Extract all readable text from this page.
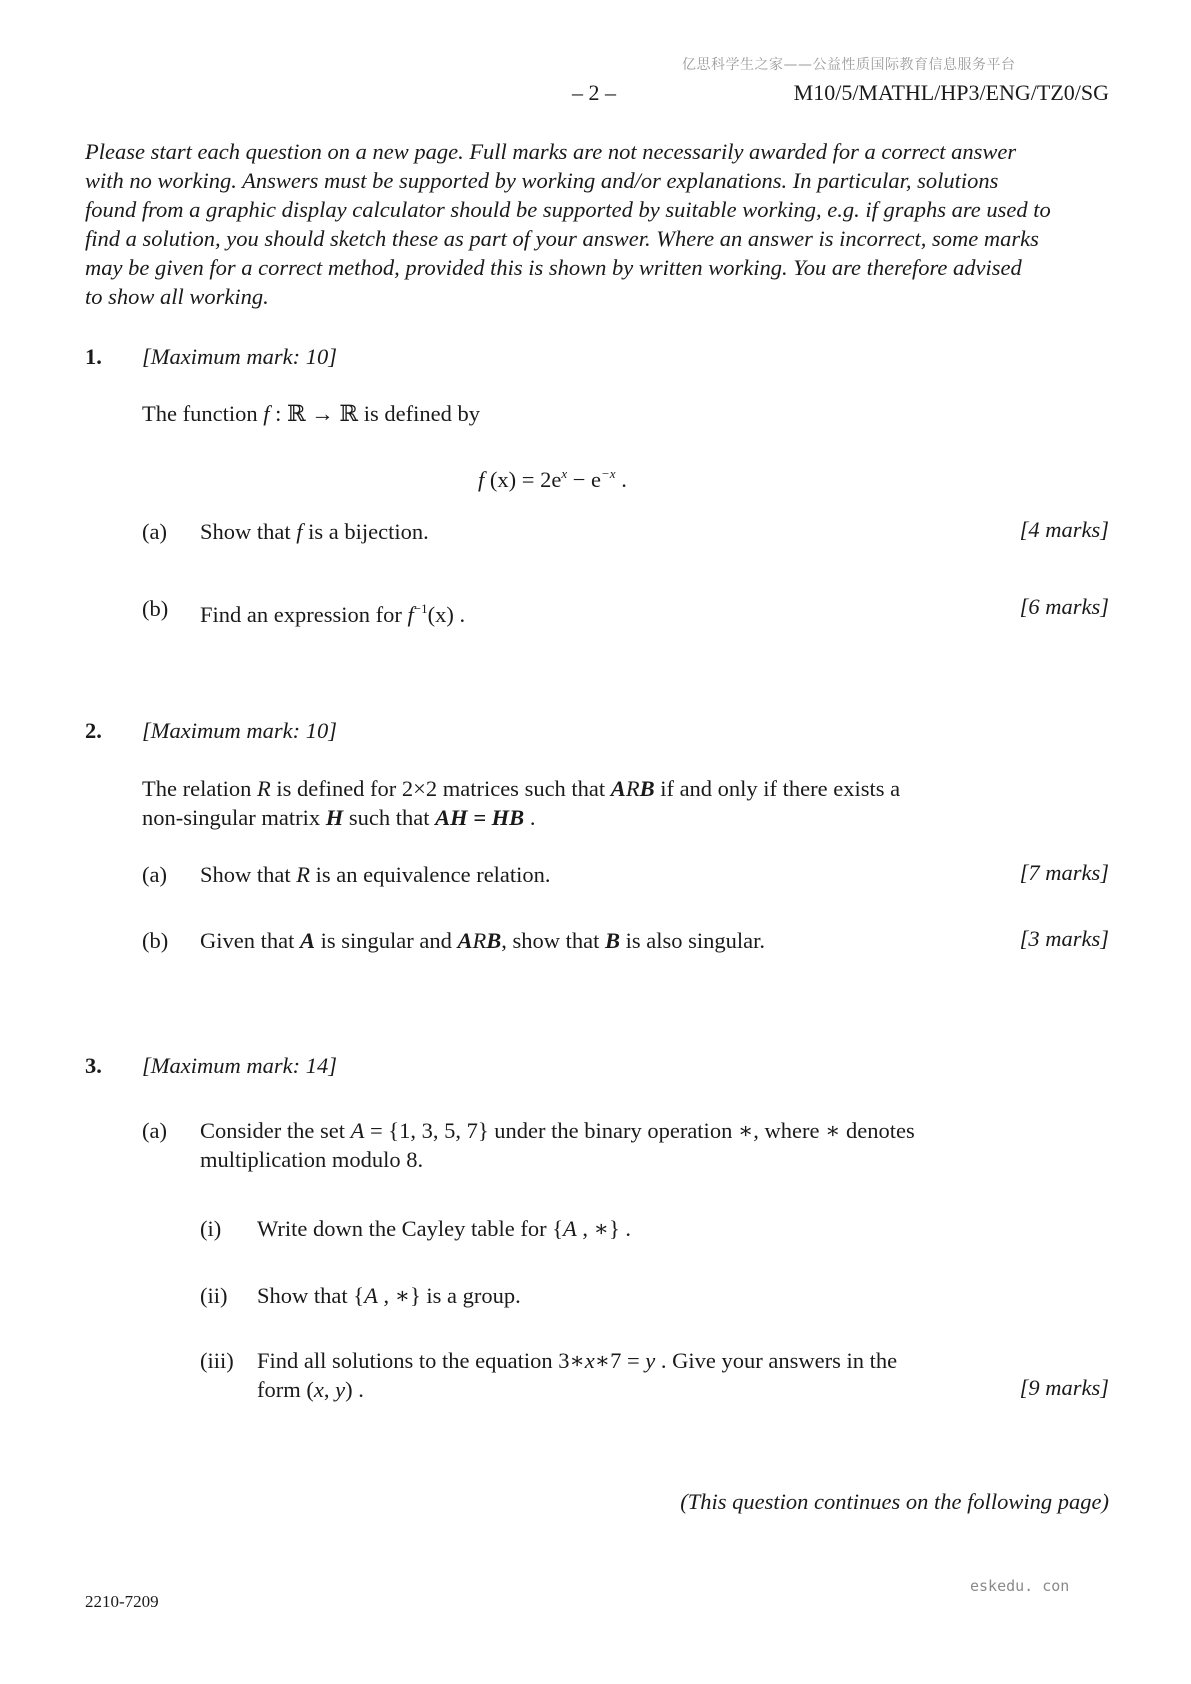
亿思科学生之家——公益性质国际教育信息服务平台
– 2 –	M10/5/MATHL/HP3/ENG/TZ0/SG
Please start each question on a new page. Full marks are not necessarily awarded for a correct answer
with no working. Answers must be supported by working and/or explanations. In particular, solutions
found from a graphic display calculator should be supported by suitable working, e.g. if graphs are used to
find a solution, you should sketch these as part of your answer. Where an answer is incorrect, some marks
may be given for a correct method, provided this is shown by written working. You are therefore advised
to show all working.
1. [Maximum mark: 10]
The function f : ℝ → ℝ is defined by
f $(x) = 2e^x - e^{-x}$ .
(a) Show that f is a bijection.	[4 marks]
(b) Find an expression for $f^{-1}(x)$ .	[6 marks]
2. [Maximum mark: 10]
The relation R is defined for 2×2 matrices such that ARB if and only if there exists a
non-singular matrix H such that AH = HB .
(a) Show that R is an equivalence relation.	[7 marks]
(b) Given that A is singular and ARB, show that B is also singular.	[3 marks]
3. [Maximum mark: 14]
(a) Consider the set A = {1, 3, 5, 7} under the binary operation ∗, where ∗ denotes
multiplication modulo 8.
(i) Write down the Cayley table for {A , ∗} .
(ii) Show that {A , ∗} is a group.
(iii) Find all solutions to the equation 3∗x∗7 = y . Give your answers in the
form (x, y) .	[9 marks]
(This question continues on the following page)
2210-7209
eskedu. con
